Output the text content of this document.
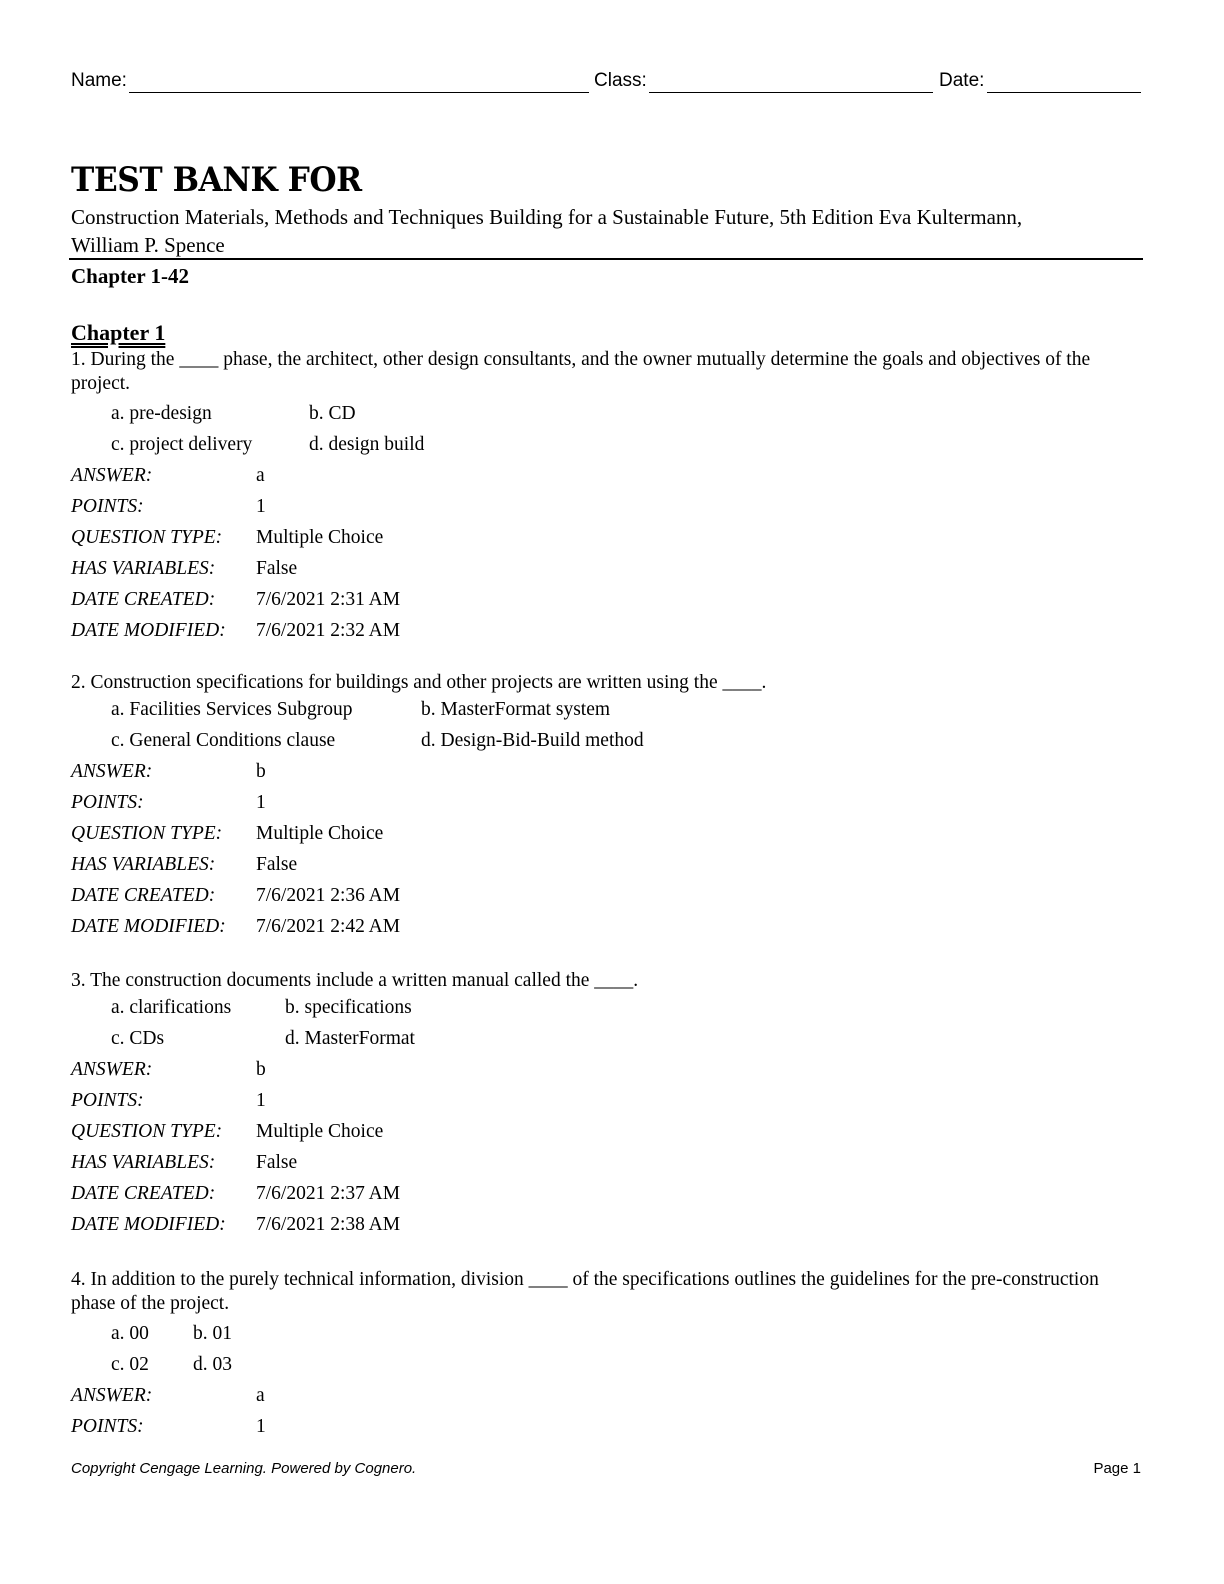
Name:	Class:	Date:
TEST BANK FOR
Construction Materials, Methods and Techniques Building for a Sustainable Future, 5th Edition Eva Kultermann, William P. Spence
Chapter 1-42
Chapter 1
1. During the ____ phase, the architect, other design consultants, and the owner mutually determine the goals and objectives of the project.
a. pre-design	b. CD
c. project delivery	d. design build
ANSWER:	a
POINTS:	1
QUESTION TYPE:	Multiple Choice
HAS VARIABLES:	False
DATE CREATED:	7/6/2021 2:31 AM
DATE MODIFIED:	7/6/2021 2:32 AM
2. Construction specifications for buildings and other projects are written using the ____.
a. Facilities Services Subgroup	b. MasterFormat system
c. General Conditions clause	d. Design-Bid-Build method
ANSWER:	b
POINTS:	1
QUESTION TYPE:	Multiple Choice
HAS VARIABLES:	False
DATE CREATED:	7/6/2021 2:36 AM
DATE MODIFIED:	7/6/2021 2:42 AM
3. The construction documents include a written manual called the ____.
a. clarifications	b. specifications
c. CDs	d. MasterFormat
ANSWER:	b
POINTS:	1
QUESTION TYPE:	Multiple Choice
HAS VARIABLES:	False
DATE CREATED:	7/6/2021 2:37 AM
DATE MODIFIED:	7/6/2021 2:38 AM
4. In addition to the purely technical information, division ____ of the specifications outlines the guidelines for the pre-construction phase of the project.
a. 00	b. 01
c. 02	d. 03
ANSWER:	a
POINTS:	1
Copyright Cengage Learning. Powered by Cognero.	Page 1
